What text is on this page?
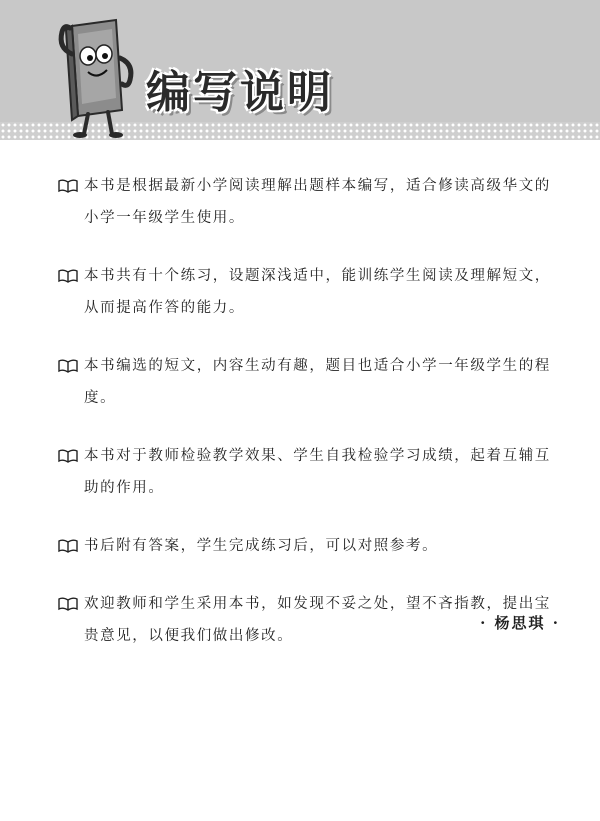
编写说明
本书是根据最新小学阅读理解出题样本编写，适合修读高级华文的小学一年级学生使用。
本书共有十个练习，设题深浅适中，能训练学生阅读及理解短文，从而提高作答的能力。
本书编选的短文，内容生动有趣，题目也适合小学一年级学生的程度。
本书对于教师检验教学效果、学生自我检验学习成绩，起着互辅互助的作用。
书后附有答案，学生完成练习后，可以对照参考。
欢迎教师和学生采用本书，如发现不妥之处，望不吝指教，提出宝贵意见，以便我们做出修改。
· 杨思琪 ·
